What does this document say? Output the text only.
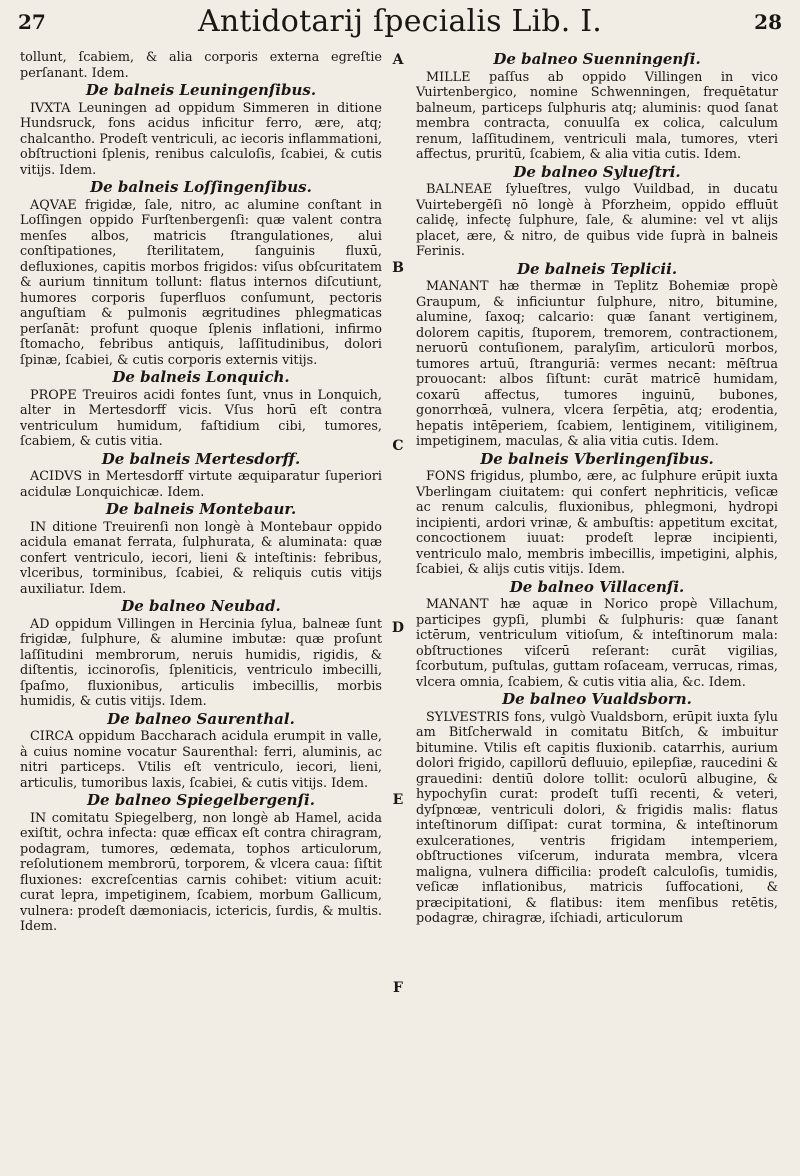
27	Antidotarij ſpecialis Lib. I.	28
tollunt, ſcabiem, & alia corporis externa egreſtie perſanant. Idem.
De balneis Leuningenſibus.
IVXTA Leuningen ad oppidum Simmeren in ditione Hundsruck, fons acidus inficitur ferro, ære, atq; chalcantho. Prodeſt ventriculi, ac iecoris inflammationi, obſtructioni ſplenis, renibus calculoſis, ſcabiei, & cutis vitijs. Idem.
De balneis Loſſingenſibus.
AQVAE frigidæ, ſale, nitro, ac alumine conſtant in Loſſingen oppido Furſtenbergenſi: quæ valent contra menſes albos, matricis ſtrangulationes, alui conſtipationes, ſterilitatem, ſanguinis fluxū, defluxiones, capitis morbos frigidos: viſus obſcuritatem & aurium tinnitum tollunt: flatus internos diſcutiunt, humores corporis ſuperfluos conſumunt, pectoris anguſtiam & pulmonis ægritudines phlegmaticas perſanāt: profunt quoque ſplenis inflationi, infirmo ſtomacho, febribus antiquis, laſſitudinibus, dolori ſpinæ, ſcabiei, & cutis corporis externis vitijs.
De balneis Lonquich.
PROPE Treuiros acidi fontes ſunt, vnus in Lonquich, alter in Mertesdorff vicis. Vſus horū eſt contra ventriculum humidum, faſtidium cibi, tumores, ſcabiem, & cutis vitia.
De balneis Mertesdorff.
ACIDVS in Mertesdorff virtute æquiparatur ſuperiori acidulæ Lonquichicæ. Idem.
De balneis Montebaur.
IN ditione Treuirenſi non longè à Montebaur oppido acidula emanat ferrata, ſulphurata, & aluminata: quæ confert ventriculo, iecori, lieni & inteſtinis: febribus, vlceribus, torminibus, ſcabiei, & reliquis cutis vitijs auxiliatur. Idem.
De balneo Neubad.
AD oppidum Villingen in Hercinia ſylua, balneæ ſunt frigidæ, ſulphure, & alumine imbutæ: quæ proſunt laſſitudini membrorum, neruis humidis, rigidis, & diſtentis, iccinoroſis, ſpleniticis, ventriculo imbecilli, ſpaſmo, fluxionibus, articulis imbecillis, morbis humidis, & cutis vitijs. Idem.
De balneo Saurenthal.
CIRCA oppidum Baccharach acidula erumpit in valle, à cuius nomine vocatur Saurenthal: ferri, aluminis, ac nitri particeps. Vtilis eſt ventriculo, iecori, lieni, articulis, tumoribus laxis, ſcabiei, & cutis vitijs. Idem.
De balneo Spiegelbergenſi.
IN comitatu Spiegelberg, non longè ab Hamel, acida exiſtit, ochra infecta: quæ efficax eſt contra chiragram, podagram, tumores, œdemata, tophos articulorum, reſolutionem membrorū, torporem, & vlcera caua: ſiſtit fluxiones: excreſcentias carnis cohibet: vitium acuit: curat lepra, impetiginem, ſcabiem, morbum Gallicum, vulnera: prodeſt dæmoniacis, ictericis, ſurdis, & multis. Idem.
De balneo Suenningenſi.
MILLE paſſus ab oppido Villingen in vico Vuirtenbergico, nomine Schwenningen, frequētatur balneum, particeps ſulphuris atq; aluminis: quod ſanat membra contracta, conuulſa ex colica, calculum renum, laſſitudinem, ventriculi mala, tumores, vteri affectus, pruritū, ſcabiem, & alia vitia cutis. Idem.
De balneo Sylueſtri.
BALNEAE ſylueſtres, vulgo Vuildbad, in ducatu Vuirtebergēſi nō longè à Pforzheim, oppido effluūt calidę, infectę ſulphure, ſale, & alumine: vel vt alijs placet, ære, & nitro, de quibus vide ſuprà in balneis Ferinis.
De balneis Teplicii.
MANANT hæ thermæ in Teplitz Bohemiæ propè Graupum, & inficiuntur ſulphure, nitro, bitumine, alumine, ſaxoq; calcario: quæ ſanant vertiginem, dolorem capitis, ſtuporem, tremorem, contractionem, neruorū contuſionem, paralyſim, articulorū morbos, tumores artuū, ſtranguriā: vermes necant: mēſtrua prouocant: albos ſiſtunt: curāt matricē humidam, coxarū affectus, tumores inguinū, bubones, gonorrhœā, vulnera, vlcera ſerpētia, atq; erodentia, hepatis intēperiem, ſcabiem, lentiginem, vitiliginem, impetiginem, maculas, & alia vitia cutis. Idem.
De balneis Vberlingenſibus.
FONS frigidus, plumbo, ære, ac ſulphure erūpit iuxta Vberlingam ciuitatem: qui confert nephriticis, veſicæ ac renum calculis, fluxionibus, phlegmoni, hydropi incipienti, ardori vrinæ, & ambuſtis: appetitum excitat, concoctionem iuuat: prodeſt lepræ incipienti, ventriculo malo, membris imbecillis, impetigini, alphis, ſcabiei, & alijs cutis vitijs. Idem.
De balneo Villacenſi.
MANANT hæ aquæ in Norico propè Villachum, participes gypſi, plumbi & ſulphuris: quæ ſanant ictērum, ventriculum vitioſum, & inteſtinorum mala: obſtructiones viſcerū reſerant: curāt vigilias, ſcorbutum, puſtulas, guttam roſaceam, verrucas, rimas, vlcera omnia, ſcabiem, & cutis vitia alia, &c. Idem.
De balneo Vualdsborn.
SYLVESTRIS fons, vulgò Vualdsborn, erūpit iuxta ſylu am Bitſcherwald in comitatu Bitſch, & imbuitur bitumine. Vtilis eſt capitis fluxionib. catarrhis, aurium dolori frigido, capillorū defluuio, epilepſiæ, raucedini & grauedini: dentiū dolore tollit: oculorū albugine, & hypochyſin curat: prodeſt tuſſi recenti, & veteri, dyſpnœæ, ventriculi dolori, & frigidis malis: flatus inteſtinorum diſſipat: curat tormina, & inteſtinorum exulcerationes, ventris frigidam intemperiem, obſtructiones viſcerum, indurata membra, vlcera maligna, vulnera difficilia: prodeſt calculoſis, tumidis, veſicæ inflationibus, matricis ſuffocationi, & præcipitationi, & flatibus: item menſibus retētis, podagræ, chiragræ, iſchiadi, articulorum
A
B
C
D
E
F
